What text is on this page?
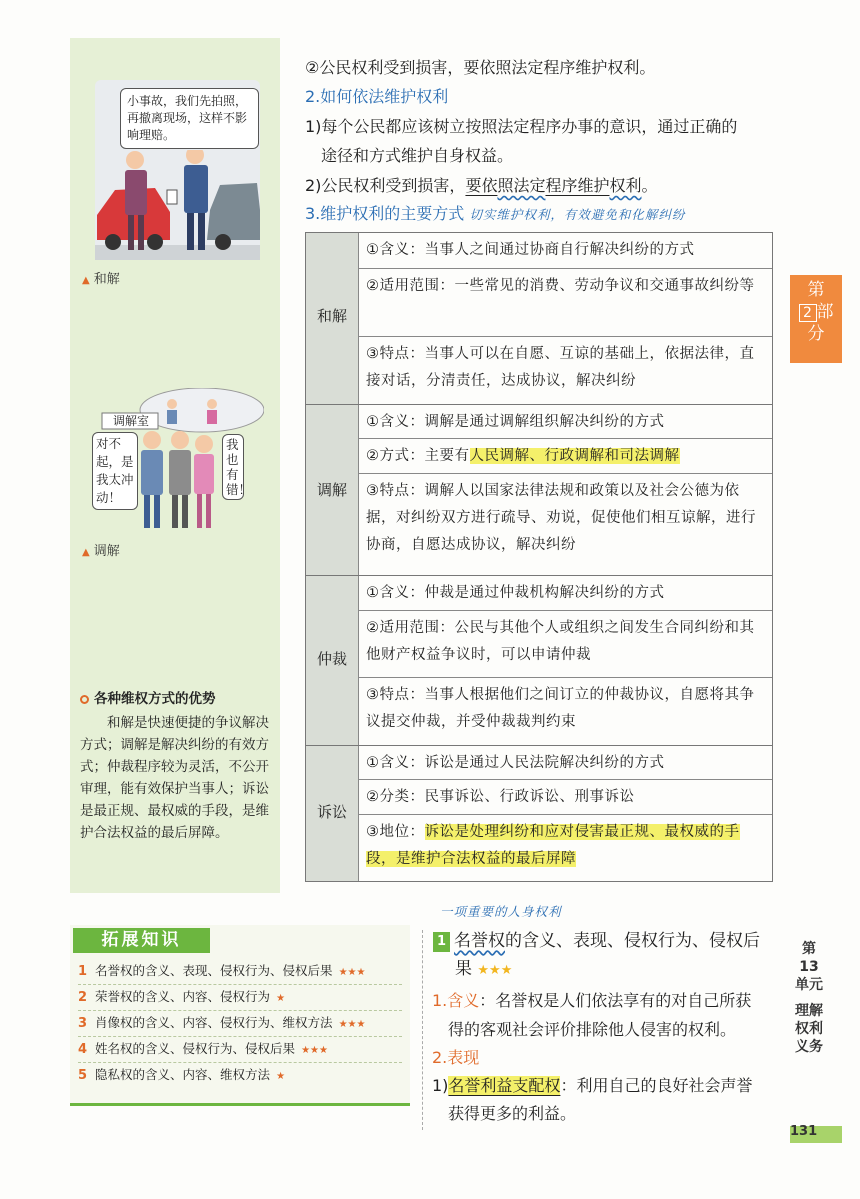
小事故，我们先拍照，再撤离现场，这样不影响理赔。
▲ 和解
调解室
对不起，是我太冲动！
我也有错！
▲ 调解
各种维权方式的优势

和解是快速便捷的争议解决方式；调解是解决纠纷的有效方式；仲裁程序较为灵活，不公开审理，能有效保护当事人；诉讼是最正规、最权威的手段，是维护合法权益的最后屏障。

②公民权利受到损害，要依照法定程序维护权利。
2.如何依法维护权利
1)每个公民都应该树立按照法定程序办事的意识，通过正确的
途径和方式维护自身权益。
2)公民权利受到损害，要依照法定程序维护权利。
3.维护权利的主要方式 切实维护权利，有效避免和化解纠纷
和解
调解
仲裁
诉讼
①含义：当事人之间通过协商自行解决纠纷的方式
②适用范围：一些常见的消费、劳动争议和交通事故纠纷等
③特点：当事人可以在自愿、互谅的基础上，依据法律，直接对话，分清责任，达成协议，解决纠纷
①含义：调解是通过调解组织解决纠纷的方式
②方式：主要有人民调解、行政调解和司法调解
③特点：调解人以国家法律法规和政策以及社会公德为依据，对纠纷双方进行疏导、劝说，促使他们相互谅解，进行协商，自愿达成协议，解决纠纷
①含义：仲裁是通过仲裁机构解决纠纷的方式
②适用范围：公民与其他个人或组织之间发生合同纠纷和其他财产权益争议时，可以申请仲裁
③特点：当事人根据他们之间订立的仲裁协议，自愿将其争议提交仲裁，并受仲裁裁判约束
①含义：诉讼是通过人民法院解决纠纷的方式
②分类：民事诉讼、行政诉讼、刑事诉讼
③地位：诉讼是处理纠纷和应对侵害最正规、最权威的手段，是维护合法权益的最后屏障
第
2 部
分
第13单元
理解权利义务
131
1 名誉权的含义、表现、侵权行为、侵权后果 ★★★
2 荣誉权的含义、内容、侵权行为 ★
3 肖像权的含义、内容、侵权行为、维权方法 ★★★
4 姓名权的含义、侵权行为、侵权后果 ★★★
5 隐私权的含义、内容、维权方法 ★
拓展知识
一项重要的人身权利
1 名誉权的含义、表现、侵权行为、侵权后
果 ★★★
1.含义：名誉权是人们依法享有的对自己所获
得的客观社会评价排除他人侵害的权利。
2.表现
1)名誉利益支配权：利用自己的良好社会声誉
获得更多的利益。
